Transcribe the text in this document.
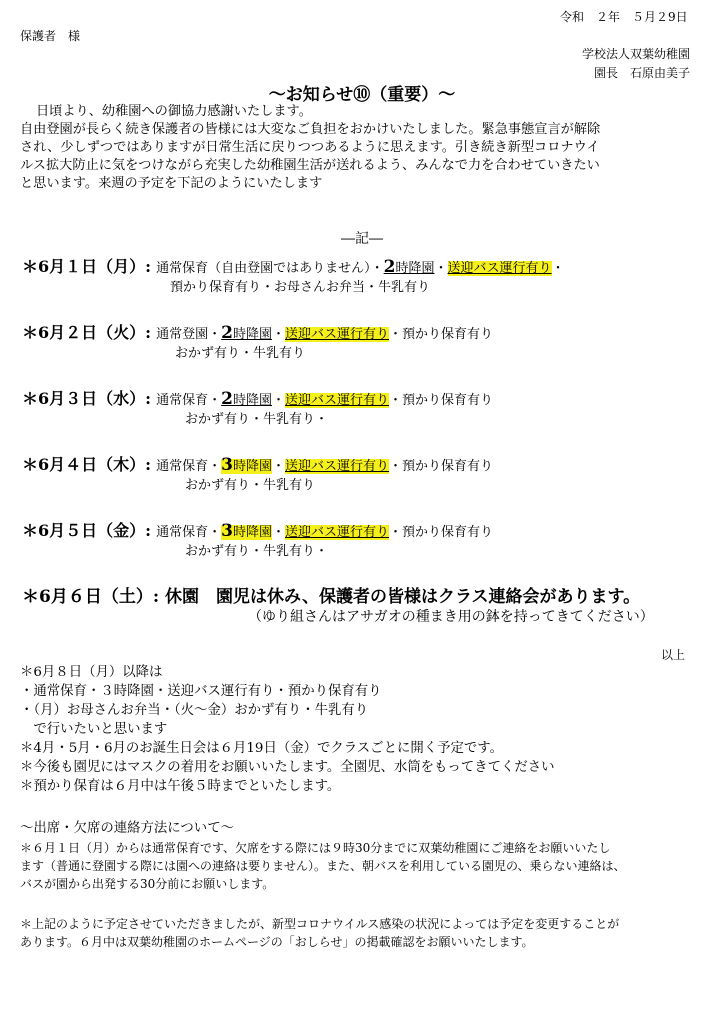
令和　２年　５月２9日
保護者　様
学校法人双葉幼稚園
園長　石原由美子
～お知らせ⑩（重要）～
日頃より、幼稚園への御協力感謝いたします。
自由登園が長らく続き保護者の皆様には大変なご負担をおかけいたしました。緊急事態宣言が解除
され、少しずつではありますが日常生活に戻りつつあるように思えます。引き続き新型コロナウイ
ルス拡大防止に気をつけながら充実した幼稚園生活が送れるよう、みんなで力を合わせていきたい
と思います。来週の予定を下記のようにいたします
―記―
＊6月１日（月）: 通常保育（自由登園ではありません）・2時降園・送迎バス運行有り・
預かり保育有り・お母さんお弁当・牛乳有り
＊6月２日（火）: 通常登園・2時降園・送迎バス運行有り・預かり保育有り
おかず有り・牛乳有り
＊6月３日（水）: 通常保育・2時降園・送迎バス運行有り・預かり保育有り
おかず有り・牛乳有り・
＊6月４日（木）: 通常保育・3時降園・送迎バス運行有り・預かり保育有り
おかず有り・牛乳有り
＊6月５日（金）: 通常保育・3時降園・送迎バス運行有り・預かり保育有り
おかず有り・牛乳有り・
＊6月６日（土）: 休園　園児は休み、保護者の皆様はクラス連絡会があります。
（ゆり組さんはアサガオの種まき用の鉢を持ってきてください）
以上
＊6月８日（月）以降は
・通常保育・３時降園・送迎バス運行有り・預かり保育有り
・（月）お母さんお弁当・（火～金）おかず有り・牛乳有り
　で行いたいと思います
＊4月・5月・6月のお誕生日会は６月19日（金）でクラスごとに開く予定です。
＊今後も園児にはマスクの着用をお願いいたします。全園児、水筒をもってきてください
＊預かり保育は６月中は午後５時までといたします。
～出席・欠席の連絡方法について～
＊６月１日（月）からは通常保育です、欠席をする際には９時30分までに双葉幼稚園にご連絡をお願いいたし
ます（普通に登園する際には園への連絡は要りません）。また、朝バスを利用している園児の、乗らない連絡は、
バスが園から出発する30分前にお願いします。
＊上記のように予定させていただきましたが、新型コロナウイルス感染の状況によっては予定を変更することが
あります。６月中は双葉幼稚園のホームページの「おしらせ」の掲載確認をお願いいたします。
